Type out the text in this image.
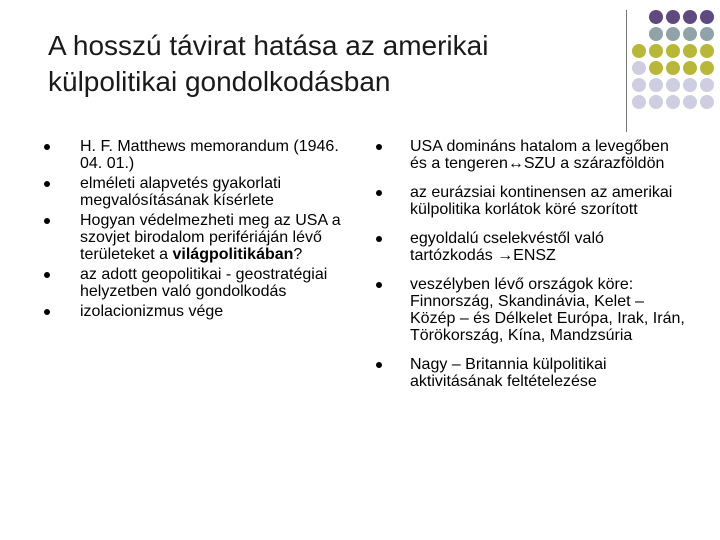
A hosszú távirat hatása az amerikai
külpolitikai gondolkodásban
H. F. Matthews memorandum (1946. 04. 01.)
elméleti alapvetés gyakorlati megvalósításának kísérlete
Hogyan védelmezheti meg az USA a szovjet birodalom perifériáján lévő területeket a világpolitikában?
az adott geopolitikai - geostratégiai helyzetben való gondolkodás
izolacionizmus vége
USA domináns hatalom a levegőben és a tengeren↔SZU a szárazföldön
az eurázsiai kontinensen az amerikai külpolitika korlátok köré szorított
egyoldalú cselekvéstől való tartózkodás →ENSZ
veszélyben lévő országok köre: Finnország, Skandinávia, Kelet – Közép – és Délkelet Európa, Irak, Irán, Törökország, Kína, Mandzsúria
Nagy – Britannia külpolitikai aktivitásának feltételezése
